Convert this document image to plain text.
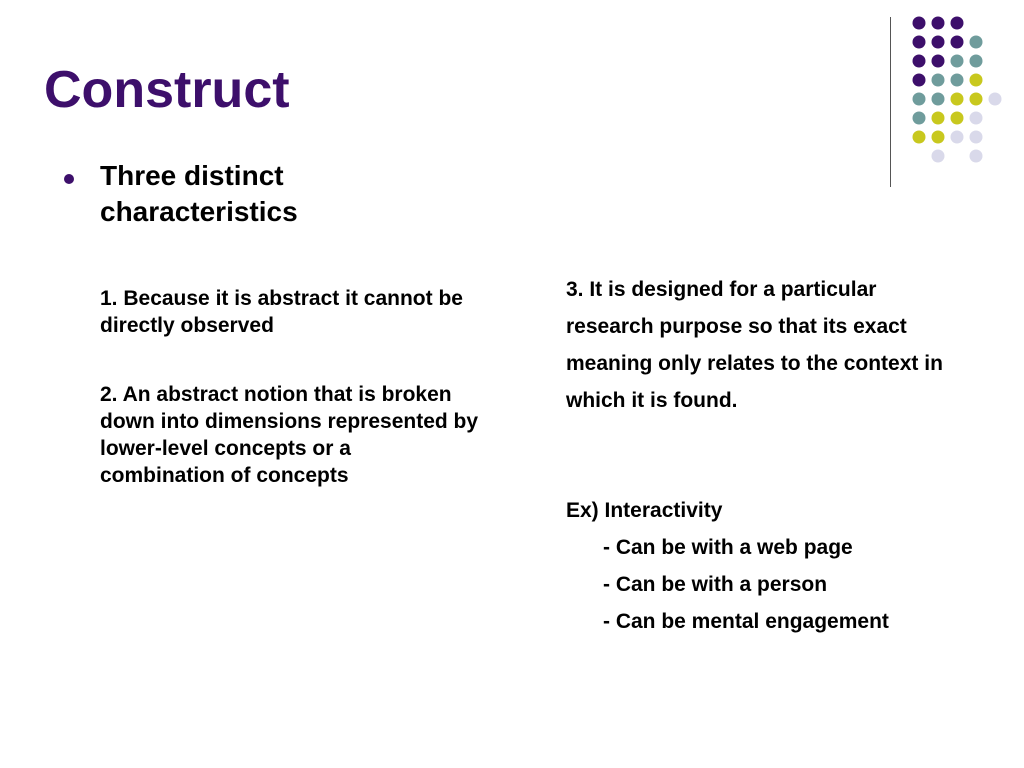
Construct
Three distinct characteristics
1. Because it is abstract it cannot be directly observed
2. An abstract notion that is broken down into dimensions represented by lower-level concepts or a combination of concepts
3. It is designed for a particular research purpose so that its exact meaning only relates to the context in which it is found.
Ex) Interactivity
- Can be with a web page
- Can be with a person
- Can be mental engagement
